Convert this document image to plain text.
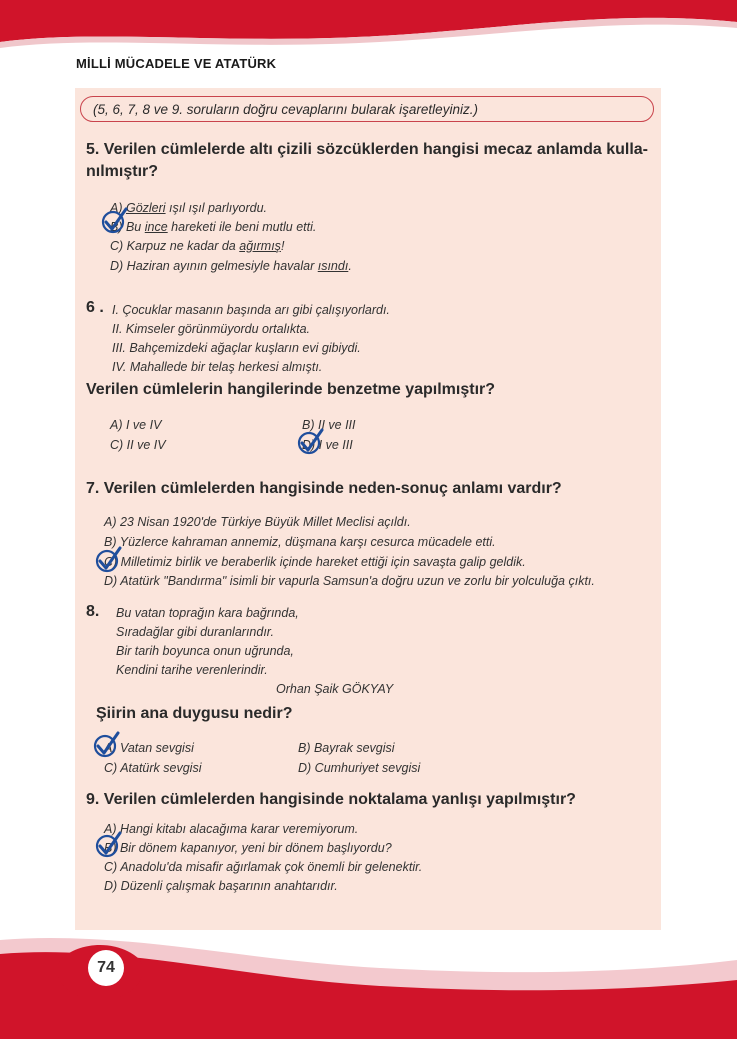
MİLLİ MÜCADELE VE ATATÜRK
(5, 6, 7, 8 ve 9. soruların doğru cevaplarını bularak işaretleyiniz.)
5. Verilen cümlelerde altı çizili sözcüklerden hangisi mecaz anlamda kulla-
nılmıştır?
A) Gözleri ışıl ışıl parlıyordu.
B) Bu ince hareketi ile beni mutlu etti.
C) Karpuz ne kadar da ağırmış!
D) Haziran ayının gelmesiyle havalar ısındı.
6 . I. Çocuklar masanın başında arı gibi çalışıyorlardı.
II. Kimseler görünmüyordu ortalıkta.
III. Bahçemizdeki ağaçlar kuşların evi gibiydi.
IV. Mahallede bir telaş herkesi almıştı.
Verilen cümlelerin hangilerinde benzetme yapılmıştır?
A) I ve IV	B) II ve III
C) II ve IV	D) I ve III
7. Verilen cümlelerden hangisinde neden-sonuç anlamı vardır?
A) 23 Nisan 1920'de Türkiye Büyük Millet Meclisi açıldı.
B) Yüzlerce kahraman annemiz, düşmana karşı cesurca mücadele etti.
C) Milletimiz birlik ve beraberlik içinde hareket ettiği için savaşta galip geldik.
D) Atatürk "Bandırma" isimli bir vapurla Samsun'a doğru uzun ve zorlu bir yolculuğa çıktı.
8. Bu vatan toprağın kara bağrında,
Sıradağlar gibi duranlarındır.
Bir tarih boyunca onun uğrunda,
Kendini tarihe verenlerindir.
Orhan Şaik GÖKYAY
Şiirin ana duygusu nedir?
A) Vatan sevgisi	B) Bayrak sevgisi
C) Atatürk sevgisi	D) Cumhuriyet sevgisi
9. Verilen cümlelerden hangisinde noktalama yanlışı yapılmıştır?
A) Hangi kitabı alacağıma karar veremiyorum.
B) Bir dönem kapanıyor, yeni bir dönem başlıyordu?
C) Anadolu'da misafir ağırlamak çok önemli bir gelenektir.
D) Düzenli çalışmak başarının anahtarıdır.
74
